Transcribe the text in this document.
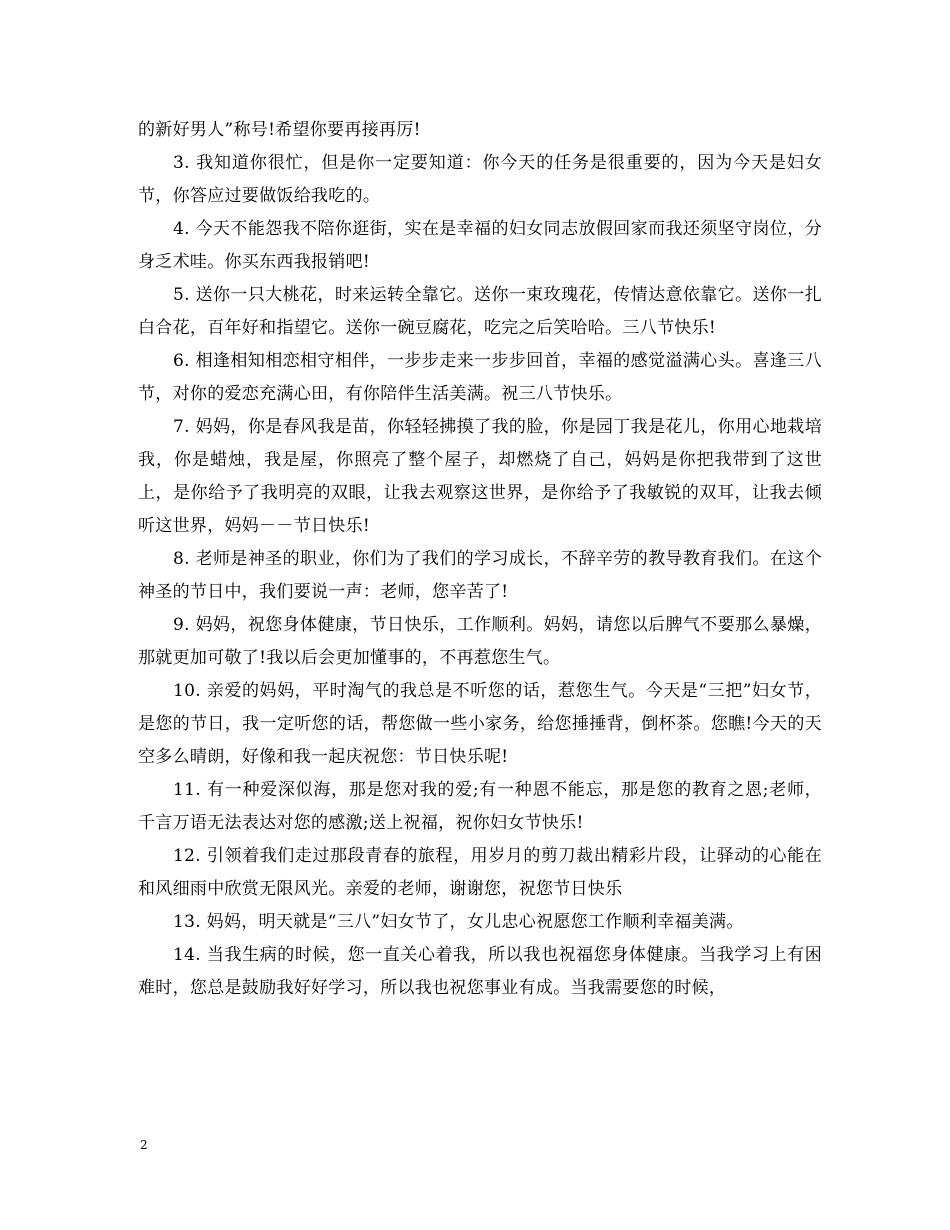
的新好男人”称号!希望你要再接再厉!

3. 我知道你很忙，但是你一定要知道：你今天的任务是很重要的，因为今天是妇女节，你答应过要做饭给我吃的。

4. 今天不能怨我不陪你逛街，实在是幸福的妇女同志放假回家而我还须坚守岗位，分身乏术哇。你买东西我报销吧!

5. 送你一只大桃花，时来运转全靠它。送你一束玫瑰花，传情达意依靠它。送你一扎白合花，百年好和指望它。送你一碗豆腐花，吃完之后笑哈哈。三八节快乐!

6. 相逢相知相恋相守相伴，一步步走来一步步回首，幸福的感觉溢满心头。喜逢三八节，对你的爱恋充满心田，有你陪伴生活美满。祝三八节快乐。

7. 妈妈，你是春风我是苗，你轻轻拂摸了我的脸，你是园丁我是花儿，你用心地栽培我，你是蜡烛，我是屋，你照亮了整个屋子，却燃烧了自己，妈妈是你把我带到了这世上，是你给予了我明亮的双眼，让我去观察这世界，是你给予了我敏锐的双耳，让我去倾听这世界，妈妈－－节日快乐!

8. 老师是神圣的职业，你们为了我们的学习成长，不辞辛劳的教导教育我们。在这个神圣的节日中，我们要说一声：老师，您辛苦了!

9. 妈妈，祝您身体健康，节日快乐，工作顺利。妈妈，请您以后脾气不要那么暴燥，那就更加可敬了!我以后会更加懂事的，不再惹您生气。

10. 亲爱的妈妈，平时淘气的我总是不听您的话，惹您生气。今天是“三把”妇女节，是您的节日，我一定听您的话，帮您做一些小家务，给您捶捶背，倒杯茶。您瞧!今天的天空多么晴朗，好像和我一起庆祝您：节日快乐呢!

11. 有一种爱深似海，那是您对我的爱;有一种恩不能忘，那是您的教育之恩;老师，千言万语无法表达对您的感激;送上祝福，祝你妇女节快乐!

12. 引领着我们走过那段青春的旅程，用岁月的剪刀裁出精彩片段，让驿动的心能在和风细雨中欣赏无限风光。亲爱的老师，谢谢您，祝您节日快乐

13. 妈妈，明天就是“三八”妇女节了，女儿忠心祝愿您工作顺利幸福美满。

14. 当我生病的时候，您一直关心着我，所以我也祝福您身体健康。当我学习上有困难时，您总是鼓励我好好学习，所以我也祝您事业有成。当我需要您的时候，

2
